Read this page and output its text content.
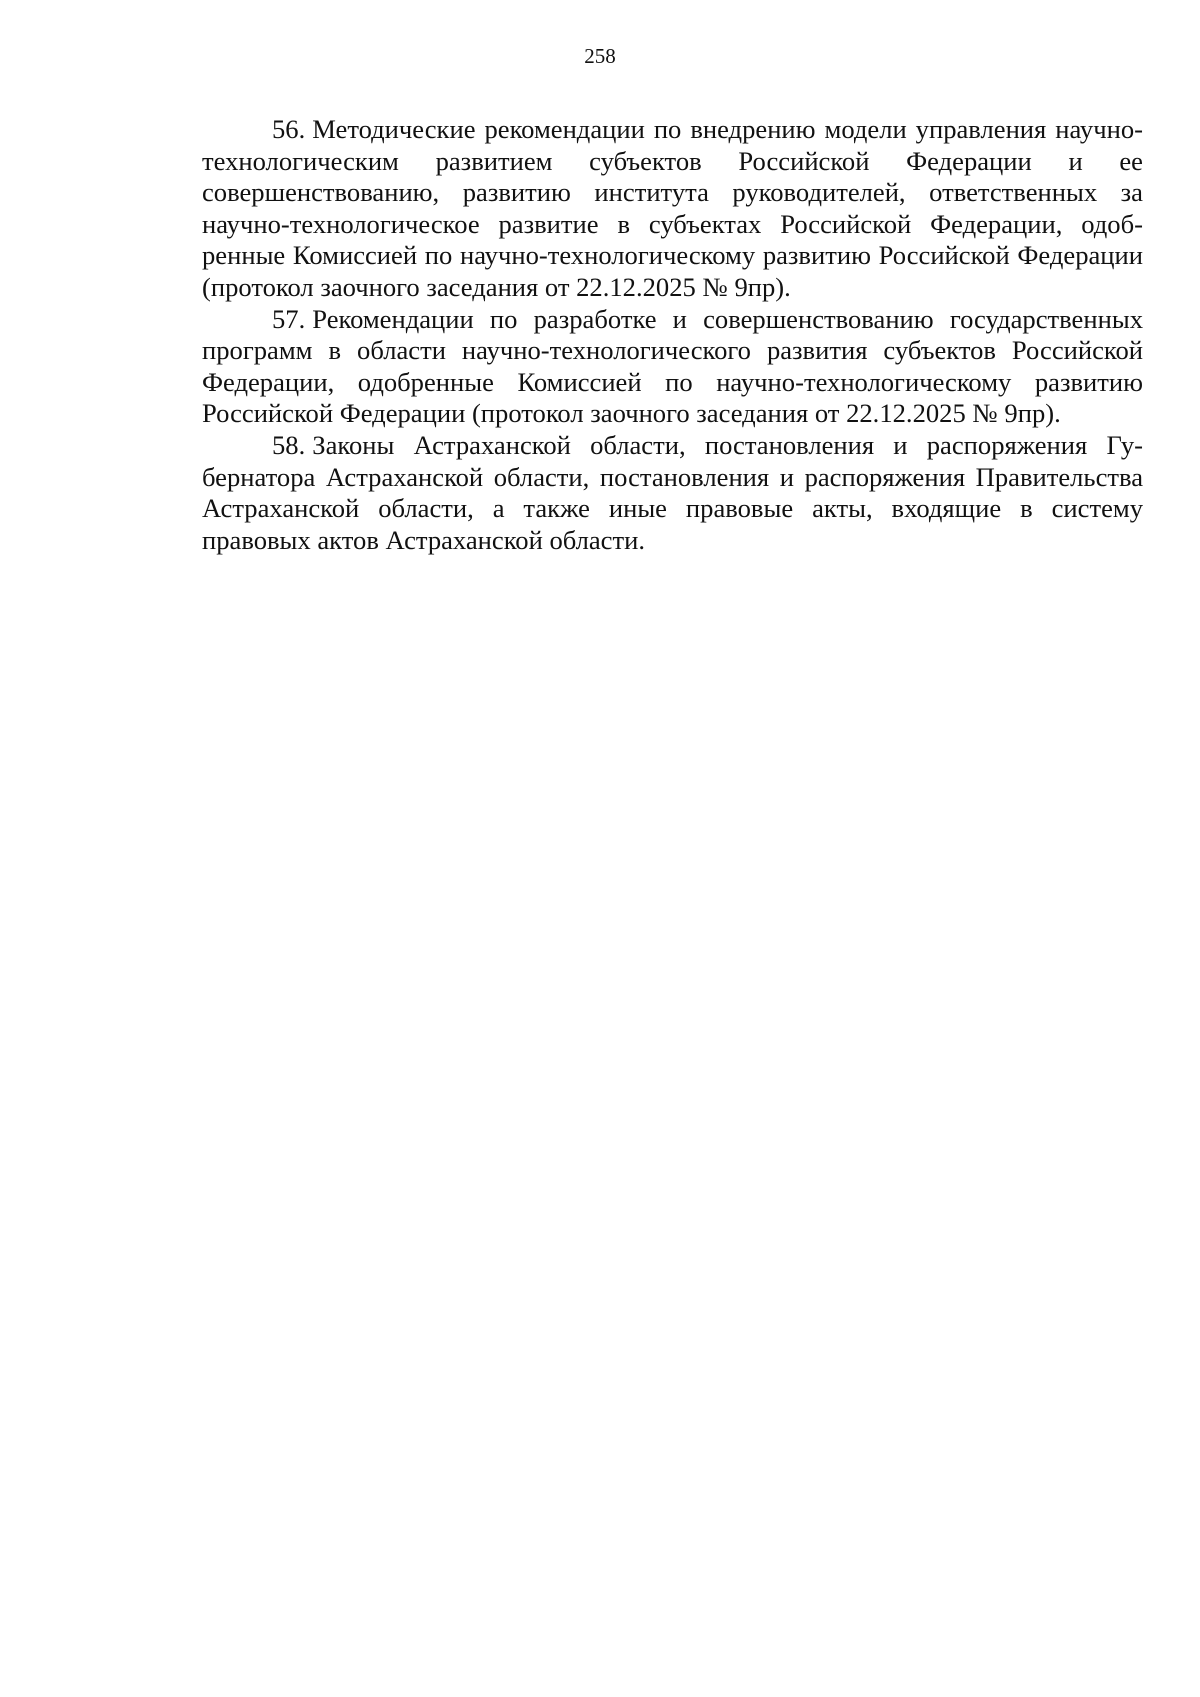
258

56. Методические рекомендации по внедрению модели управления научно-технологическим развитием субъектов Российской Федерации и ее совершенствованию, развитию института руководителей, ответственных за научно-технологическое развитие в субъектах Российской Федерации, одобренные Комиссией по научно-технологическому развитию Российской Федерации (протокол заочного заседания от 22.12.2025 № 9пр).

57. Рекомендации по разработке и совершенствованию государственных программ в области научно-технологического развития субъектов Российской Федерации, одобренные Комиссией по научно-технологическому развитию Российской Федерации (протокол заочного заседания от 22.12.2025 № 9пр).

58. Законы Астраханской области, постановления и распоряжения Губернатора Астраханской области, постановления и распоряжения Правительства Астраханской области, а также иные правовые акты, входящие в систему правовых актов Астраханской области.
